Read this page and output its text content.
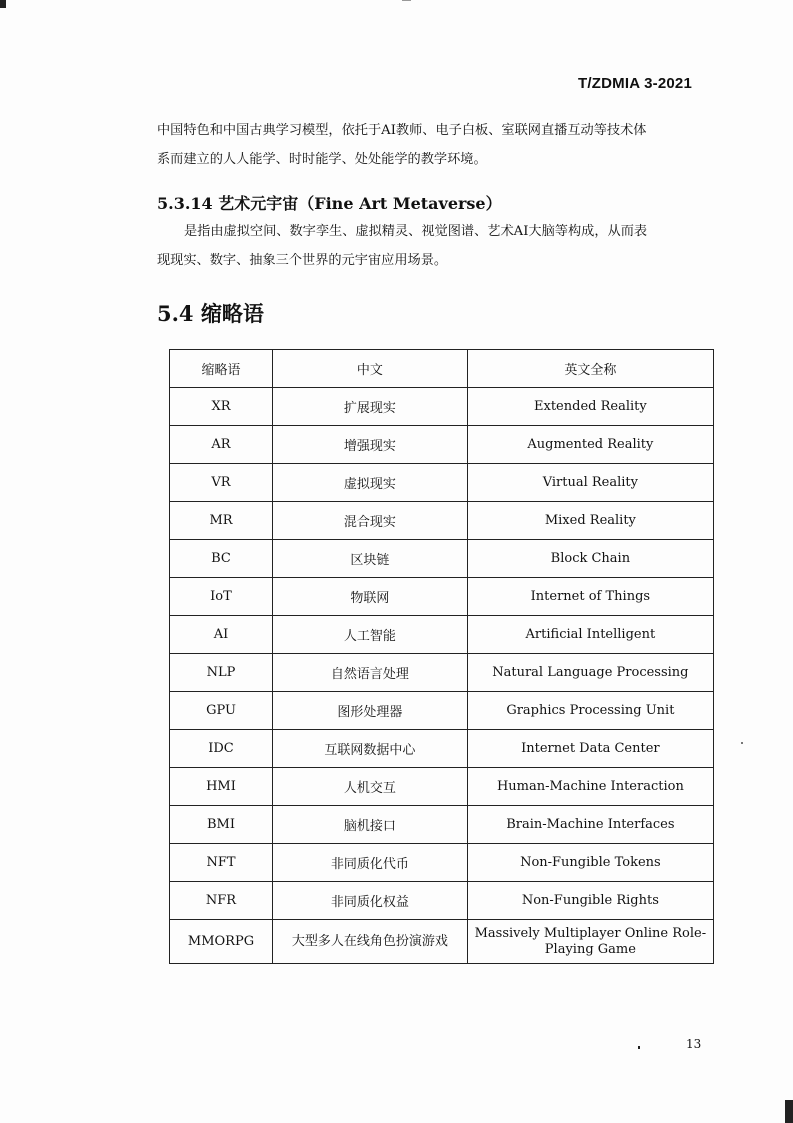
T/ZDMIA 3-2021
中国特色和中国古典学习模型，依托于AI教师、电子白板、室联网直播互动等技术体
系而建立的人人能学、时时能学、处处能学的教学环境。
5.3.14 艺术元宇宙（Fine Art Metaverse）
是指由虚拟空间、数字孪生、虚拟精灵、视觉图谱、艺术AI大脑等构成，从而表
现现实、数字、抽象三个世界的元宇宙应用场景。
5.4 缩略语
缩略语	中文	英文全称
XR	扩展现实	Extended Reality
AR	增强现实	Augmented Reality
VR	虚拟现实	Virtual Reality
MR	混合现实	Mixed Reality
BC	区块链	Block Chain
IoT	物联网	Internet of Things
AI	人工智能	Artificial Intelligent
NLP	自然语言处理	Natural Language Processing
GPU	图形处理器	Graphics Processing Unit
IDC	互联网数据中心	Internet Data Center
HMI	人机交互	Human-Machine Interaction
BMI	脑机接口	Brain-Machine Interfaces
NFT	非同质化代币	Non-Fungible Tokens
NFR	非同质化权益	Non-Fungible Rights
MMORPG	大型多人在线角色扮演游戏	Massively Multiplayer Online Role-Playing Game
13
